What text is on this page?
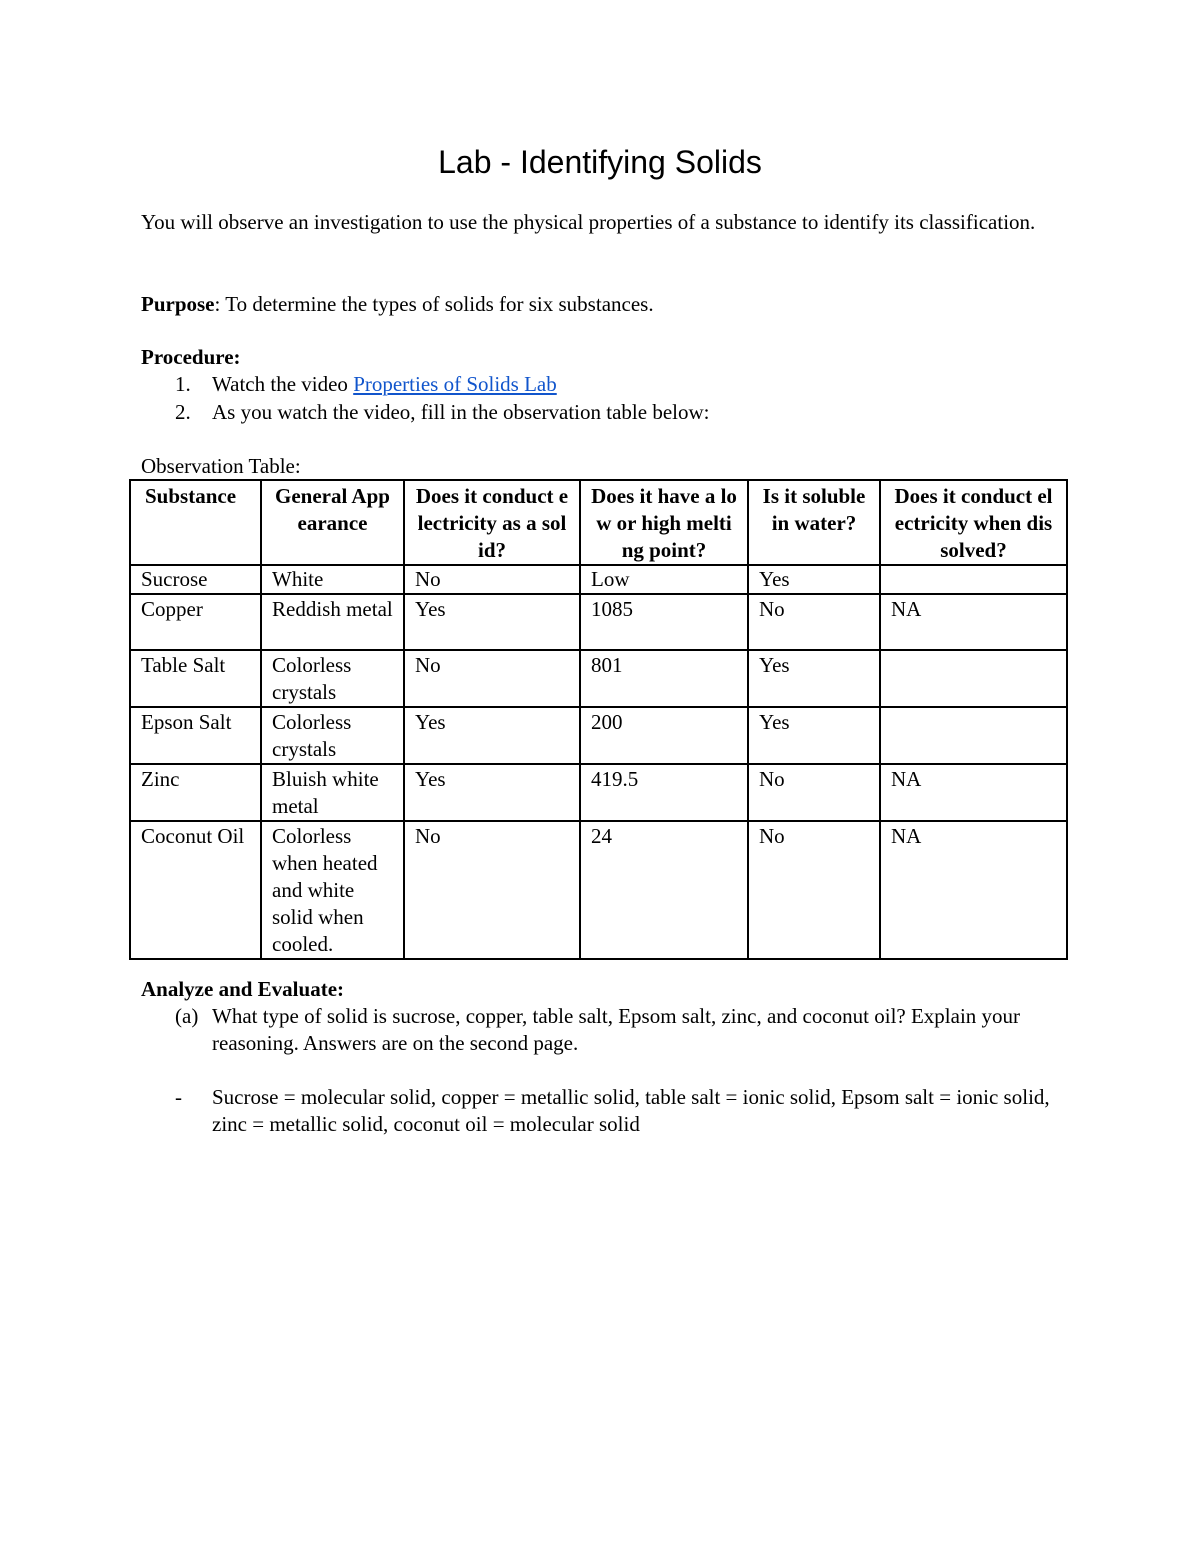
Lab - Identifying Solids

You will observe an investigation to use the physical properties of a substance to identify its classification.

Purpose: To determine the types of solids for six substances.

Procedure:

1. Watch the video Properties of Solids Lab
2. As you watch the video, fill in the observation table below:

Observation Table:

Substance	General Appearance	Does it conduct electricity as a solid?	Does it have a low or high melting point?	Is it soluble in water?	Does it conduct electricity when dissolved?
Sucrose	White	No	Low	Yes	
Copper	Reddish metal	Yes	1085	No	NA
Table Salt	Colorless crystals	No	801	Yes	
Epson Salt	Colorless crystals	Yes	200	Yes	
Zinc	Bluish white metal	Yes	419.5	No	NA
Coconut Oil	Colorless when heated and white solid when cooled.	No	24	No	NA

Analyze and Evaluate:

(a) What type of solid is sucrose, copper, table salt, Epsom salt, zinc, and coconut oil? Explain your reasoning. Answers are on the second page.
- Sucrose = molecular solid, copper = metallic solid, table salt = ionic solid, Epsom salt = ionic solid, zinc = metallic solid, coconut oil = molecular solid
